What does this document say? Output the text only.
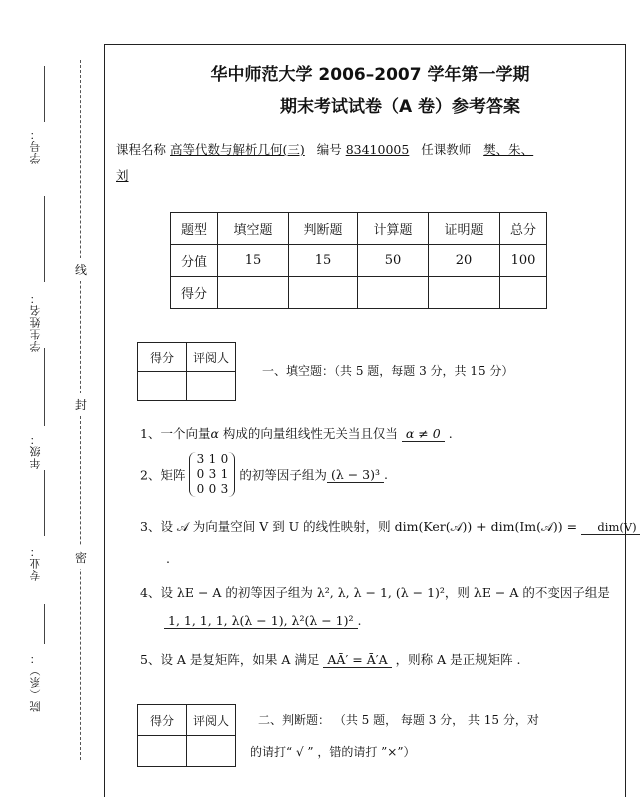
学号：
学生姓名：
年级：
专业：
院（系）：
线
封
密
华中师范大学 2006–2007 学年第一学期
期末考试试卷（A 卷）参考答案
课程名称 高等代数与解析几何(三) 编号 83410005 任课教师 樊、朱、
刘
题型	填空题	判断题	计算题	证明题	总分
分值	15	15	50	20	100
得分					
得分	评阅人

一、填空题：（共 5 题，每题 3 分，共 15 分）
1、一个向量α 构成的向量组线性无关当且仅当 α ≠ 0 .
2、矩阵 3 1 0
0 3 1
0 0 3 的初等因子组为 (λ − 3)³ .
3、设 𝒜 为向量空间 V 到 U 的线性映射，则 dim(Ker(𝒜)) + dim(Im(𝒜)) = dim(V)
.
4、设 λE − A 的初等因子组为 λ², λ, λ − 1, (λ − 1)²，则 λE − A 的不变因子组是
1, 1, 1, 1, λ(λ − 1), λ²(λ − 1)² .
5、设 A 是复矩阵，如果 A 满足 AĀ′ = Ā′A ，则称 A 是正规矩阵 .
得分	评阅人
	二、判断题： （共 5 题， 每题 3 分， 共 15 分，对
的请打“ √ ” ，错的请打 ”×”）
